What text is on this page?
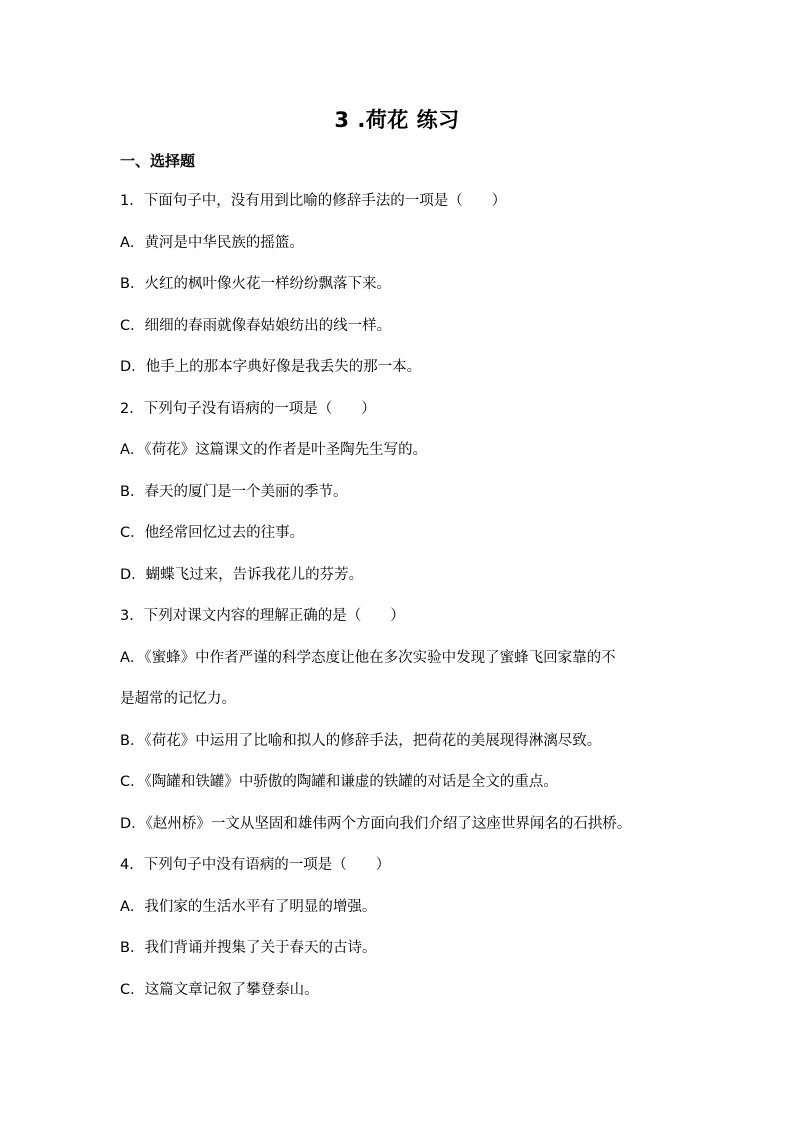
3 .荷花 练习
一、选择题
1．下面句子中，没有用到比喻的修辞手法的一项是（　　）
A．黄河是中华民族的摇篮。
B．火红的枫叶像火花一样纷纷飘落下来。
C．细细的春雨就像春姑娘纺出的线一样。
D．他手上的那本字典好像是我丢失的那一本。
2．下列句子没有语病的一项是（　　）
A．《荷花》这篇课文的作者是叶圣陶先生写的。
B．春天的厦门是一个美丽的季节。
C．他经常回忆过去的往事。
D．蝴蝶飞过来，告诉我花儿的芬芳。
3．下列对课文内容的理解正确的是（　　）
A．《蜜蜂》中作者严谨的科学态度让他在多次实验中发现了蜜蜂飞回家靠的不
是超常的记忆力。
B．《荷花》中运用了比喻和拟人的修辞手法，把荷花的美展现得淋漓尽致。
C．《陶罐和铁罐》中骄傲的陶罐和谦虚的铁罐的对话是全文的重点。
D．《赵州桥》一文从坚固和雄伟两个方面向我们介绍了这座世界闻名的石拱桥。
4．下列句子中没有语病的一项是（　　）
A．我们家的生活水平有了明显的增强。
B．我们背诵并搜集了关于春天的古诗。
C．这篇文章记叙了攀登泰山。
